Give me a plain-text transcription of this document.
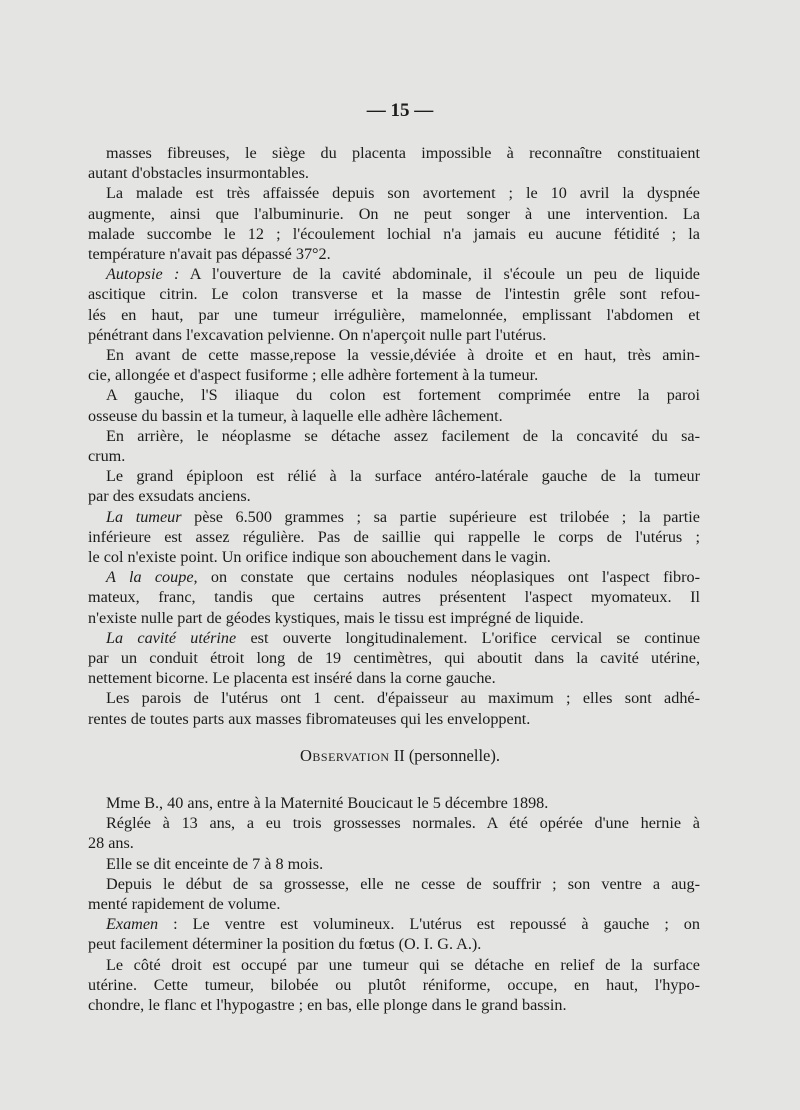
— 15 —

masses fibreuses, le siège du placenta impossible à reconnaître constituaient
autant d'obstacles insurmontables.

La malade est très affaissée depuis son avortement ; le 10 avril la dyspnée
augmente, ainsi que l'albuminurie. On ne peut songer à une intervention. La
malade succombe le 12 ; l'écoulement lochial n'a jamais eu aucune fétidité ; la
température n'avait pas dépassé 37°2.

Autopsie : A l'ouverture de la cavité abdominale, il s'écoule un peu de liquide
ascitique citrin. Le colon transverse et la masse de l'intestin grêle sont refou-
lés en haut, par une tumeur irrégulière, mamelonnée, emplissant l'abdomen et
pénétrant dans l'excavation pelvienne. On n'aperçoit nulle part l'utérus.

En avant de cette masse,repose la vessie,déviée à droite et en haut, très amin-
cie, allongée et d'aspect fusiforme ; elle adhère fortement à la tumeur.

A gauche, l'S iliaque du colon est fortement comprimée entre la paroi
osseuse du bassin et la tumeur, à laquelle elle adhère lâchement.

En arrière, le néoplasme se détache assez facilement de la concavité du sa-
crum.

Le grand épiploon est rélié à la surface antéro-latérale gauche de la tumeur
par des exsudats anciens.

La tumeur pèse 6.500 grammes ; sa partie supérieure est trilobée ; la partie
inférieure est assez régulière. Pas de saillie qui rappelle le corps de l'utérus ;
le col n'existe point. Un orifice indique son abouchement dans le vagin.

A la coupe, on constate que certains nodules néoplasiques ont l'aspect fibro-
mateux, franc, tandis que certains autres présentent l'aspect myomateux. Il
n'existe nulle part de géodes kystiques, mais le tissu est imprégné de liquide.

La cavité utérine est ouverte longitudinalement. L'orifice cervical se continue
par un conduit étroit long de 19 centimètres, qui aboutit dans la cavité utérine,
nettement bicorne. Le placenta est inséré dans la corne gauche.

Les parois de l'utérus ont 1 cent. d'épaisseur au maximum ; elles sont adhé-
rentes de toutes parts aux masses fibromateuses qui les enveloppent.

Observation II (personnelle).

Mme B., 40 ans, entre à la Maternité Boucicaut le 5 décembre 1898.

Réglée à 13 ans, a eu trois grossesses normales. A été opérée d'une hernie à
28 ans.

Elle se dit enceinte de 7 à 8 mois.

Depuis le début de sa grossesse, elle ne cesse de souffrir ; son ventre a aug-
menté rapidement de volume.

Examen : Le ventre est volumineux. L'utérus est repoussé à gauche ; on
peut facilement déterminer la position du fœtus (O. I. G. A.).

Le côté droit est occupé par une tumeur qui se détache en relief de la surface
utérine. Cette tumeur, bilobée ou plutôt réniforme, occupe, en haut, l'hypo-
chondre, le flanc et l'hypogastre ; en bas, elle plonge dans le grand bassin.
